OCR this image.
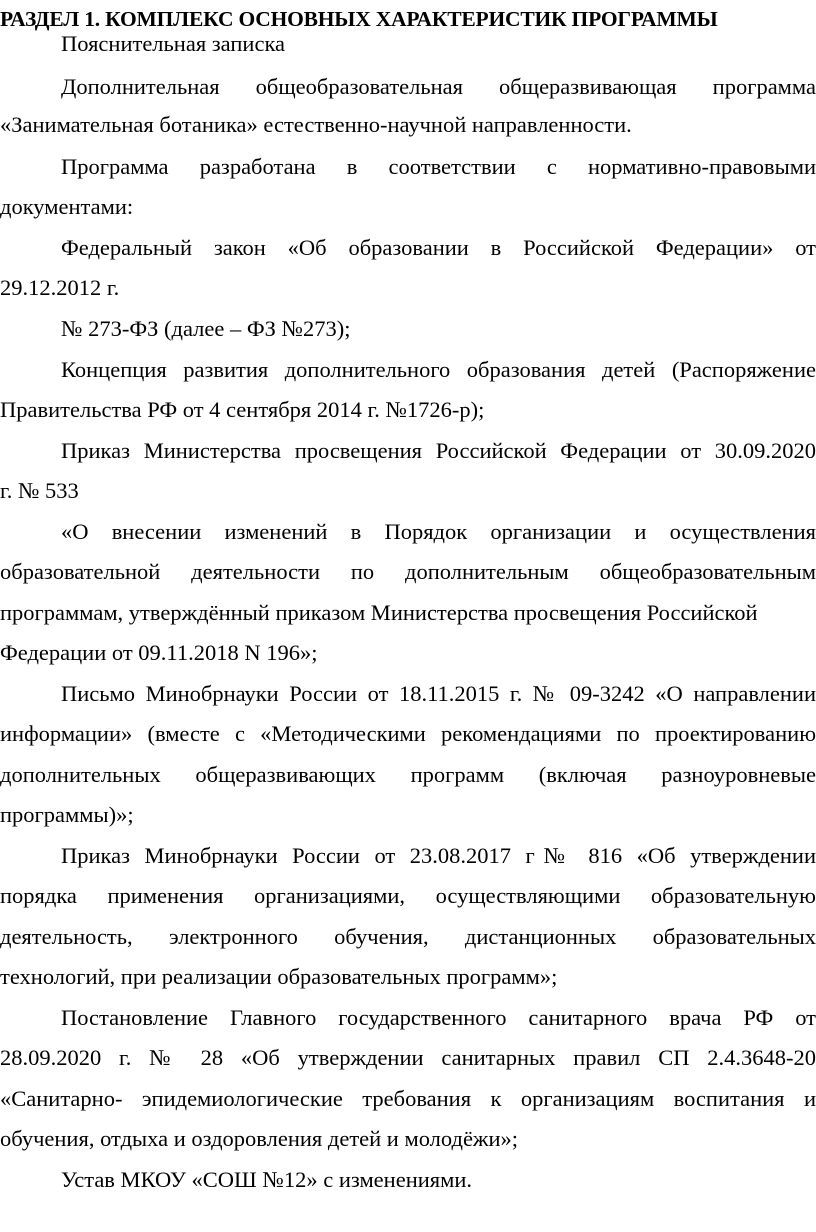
РАЗДЕЛ 1. КОМПЛЕКС ОСНОВНЫХ ХАРАКТЕРИСТИК ПРОГРАММЫ
Пояснительная записка
Дополнительная общеобразовательная общеразвивающая программа
«Занимательная ботаника» естественно-научной направленности.
Программа разработана в соответствии с нормативно-правовыми
документами:
Федеральный закон «Об образовании в Российской Федерации» от
29.12.2012 г.
№ 273-ФЗ (далее – ФЗ №273);
Концепция развития дополнительного образования детей (Распоряжение
Правительства РФ от 4 сентября 2014 г. №1726-р);
Приказ Министерства просвещения Российской Федерации от 30.09.2020
г. № 533
«О внесении изменений в Порядок организации и осуществления
образовательной деятельности по дополнительным общеобразовательным
программам, утверждённый приказом Министерства просвещения Российской
Федерации от 09.11.2018 N 196»;
Письмо Минобрнауки России от 18.11.2015 г. № 09-3242 «О направлении
информации» (вместе с «Методическими рекомендациями по проектированию
дополнительных общеразвивающих программ (включая разноуровневые
программы)»;
Приказ Минобрнауки России от 23.08.2017 г№ 816 «Об утверждении
порядка применения организациями, осуществляющими образовательную
деятельность, электронного обучения, дистанционных образовательных
технологий, при реализации образовательных программ»;
Постановление Главного государственного санитарного врача РФ от
28.09.2020 г. № 28 «Об утверждении санитарных правил СП 2.4.3648-20
«Санитарно- эпидемиологические требования к организациям воспитания и
обучения, отдыха и оздоровления детей и молодёжи»;
Устав МКОУ «СОШ №12» с изменениями.
